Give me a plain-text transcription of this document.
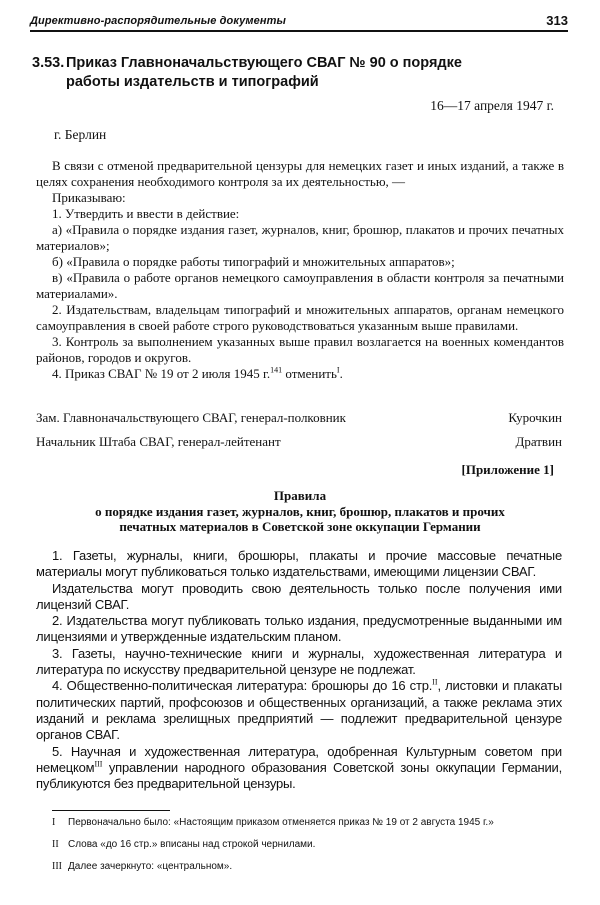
Директивно-распорядительные документы	313
3.53. Приказ Главноначальствующего СВАГ № 90 о порядке
работы издательств и типографий
16—17 апреля 1947 г.
г. Берлин

В связи с отменой предварительной цензуры для немецких газет и иных изданий, а также в целях сохранения необходимого контроля за их деятельностью, —

Приказываю:

1. Утвердить и ввести в действие:

а) «Правила о порядке издания газет, журналов, книг, брошюр, плакатов и прочих печатных материалов»;

б) «Правила о порядке работы типографий и множительных аппаратов»;

в) «Правила о работе органов немецкого самоуправления в области контроля за печатными материалами».

2. Издательствам, владельцам типографий и множительных аппаратов, органам немецкого самоуправления в своей работе строго руководствоваться указанным выше правилами.

3. Контроль за выполнением указанных выше правил возлагается на военных комендантов районов, городов и округов.

4. Приказ СВАГ № 19 от 2 июля 1945 г.$^{141}$ отменить$^I$.

Зам. Главноначальствующего СВАГ, генерал-полковник	Курочкин
Начальник Штаба СВАГ, генерал-лейтенант	Дратвин
[Приложение 1]
Правила
о порядке издания газет, журналов, книг, брошюр, плакатов и прочих
печатных материалов в Советской зоне оккупации Германии

1. Газеты, журналы, книги, брошюры, плакаты и прочие массовые печатные материалы могут публиковаться только издательствами, имеющими лицензии СВАГ.

Издательства могут проводить свою деятельность только после получения ими лицензий СВАГ.

2. Издательства могут публиковать только издания, предусмотренные выданными им лицензиями и утвержденные издательским планом.

3. Газеты, научно-технические книги и журналы, художественная литература и литература по искусству предварительной цензуре не подлежат.

4. Общественно-политическая литература: брошюры до 16 стр.$^{II}$, листовки и плакаты политических партий, профсоюзов и общественных организаций, а также реклама этих изданий и реклама зрелищных предприятий — подлежит предварительной цензуре органов СВАГ.

5. Научная и художественная литература, одобренная Культурным советом при немецком$^{III}$ управлении народного образования Советской зоны оккупации Германии, публикуются без предварительной цензуры.

I	Первоначально было: «Настоящим приказом отменяется приказ № 19 от 2 августа 1945 г.»
II Слова «до 16 стр.» вписаны над строкой чернилами.
III Далее зачеркнуто: «центральном».
